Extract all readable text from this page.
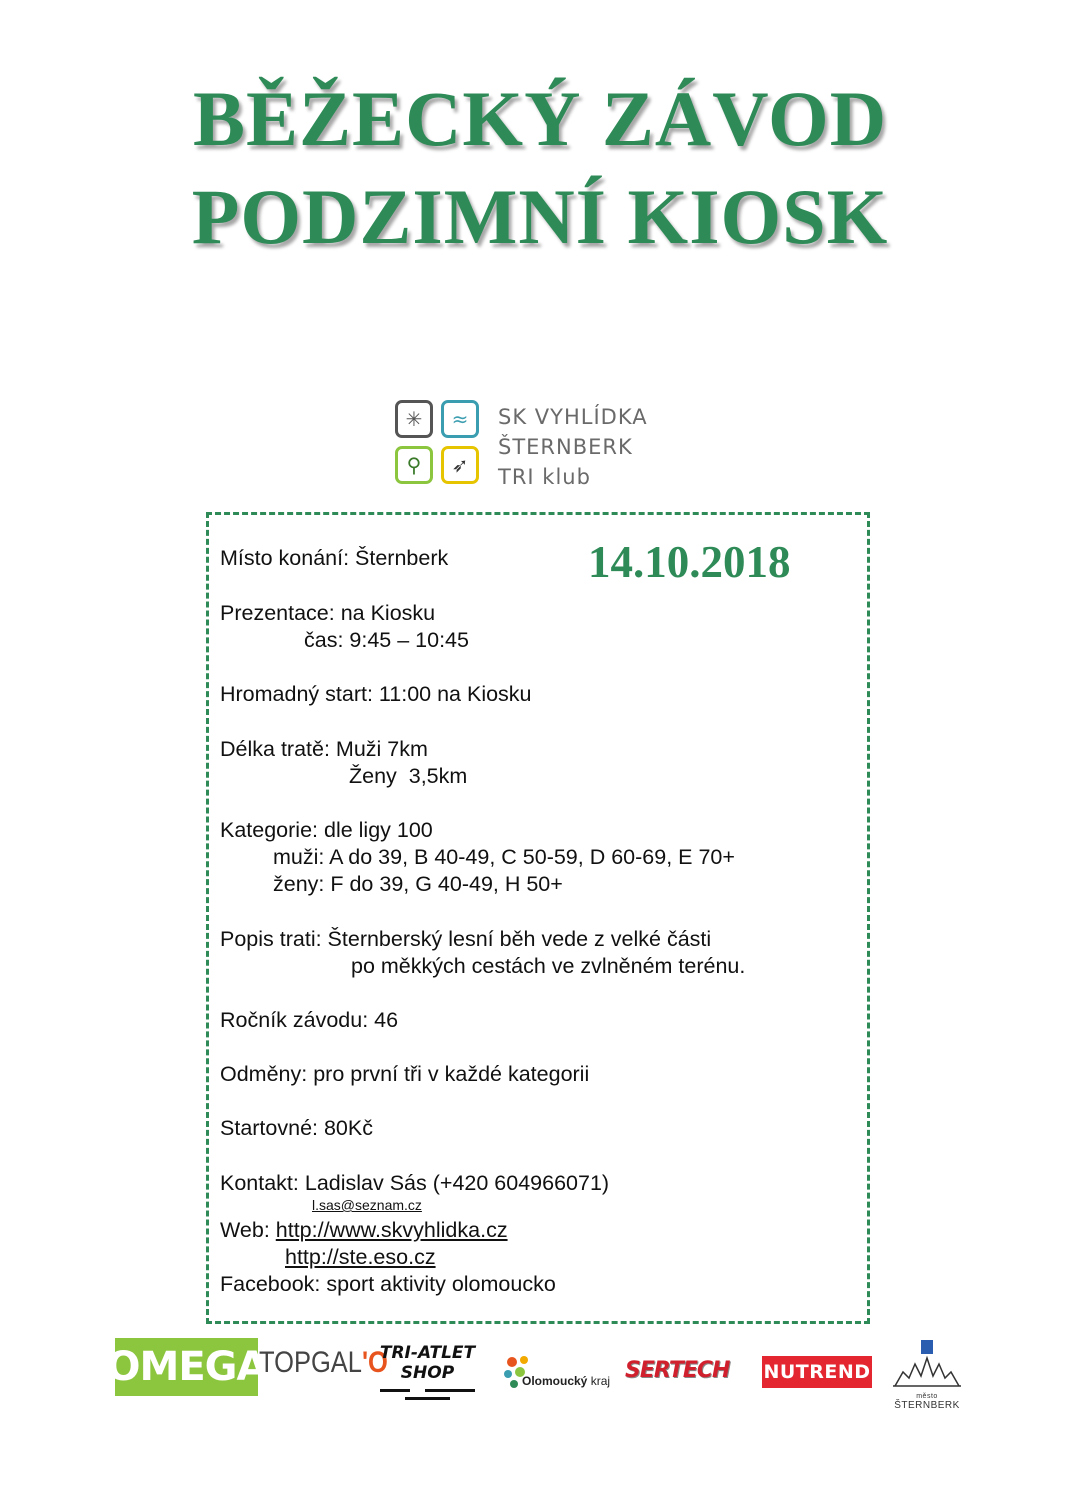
BĚŽECKÝ ZÁVOD
PODZIMNÍ KIOSK
✳	≈
⚲	➶
SK VYHLÍDKA
ŠTERNBERK
TRI klub
14.10.2018
Místo konání: Šternberk
Prezentace: na Kiosku
čas: 9:45 – 10:45
Hromadný start: 11:00 na Kiosku
Délka tratě: Muži 7km
Ženy  3,5km
Kategorie: dle ligy 100
muži: A do 39, B 40-49, C 50-59, D 60-69, E 70+
ženy: F do 39, G 40-49, H 50+
Popis trati: Šternberský lesní běh vede z velké části
po měkkých cestách ve zvlněném terénu.
Ročník závodu: 46
Odměny: pro první tři v každé kategorii
Startovné: 80Kč
Kontakt: Ladislav Sás (+420 604966071)
l.sas@seznam.cz
Web: http://www.skvyhlidka.cz
http://ste.eso.cz
Facebook: sport aktivity olomoucko
OMEGA
TOPGAL'O
TRI-ATLET SHOP	Olomoucký kraj SERTECH	NUTREND
město
ŠTERNBERK
